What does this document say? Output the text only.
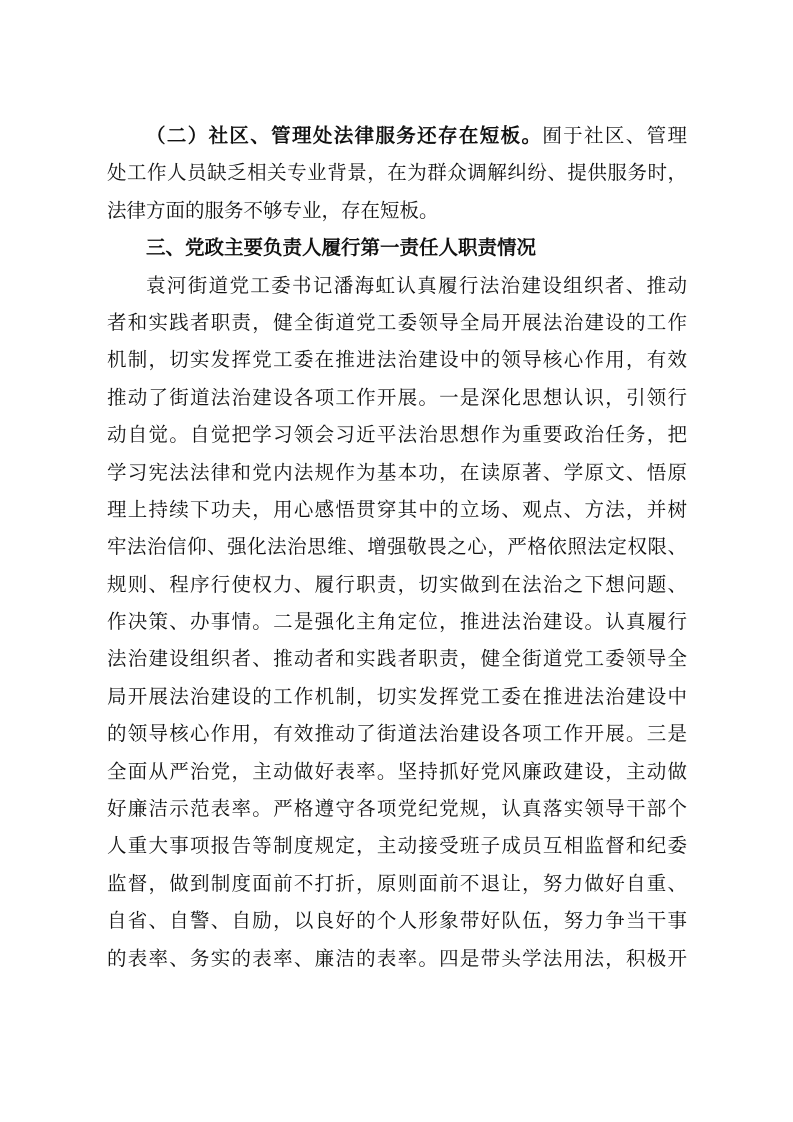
（二）社区、管理处法律服务还存在短板。囿于社区、管理
处工作人员缺乏相关专业背景，在为群众调解纠纷、提供服务时，
法律方面的服务不够专业，存在短板。
三、党政主要负责人履行第一责任人职责情况
袁河街道党工委书记潘海虹认真履行法治建设组织者、推动
者和实践者职责，健全街道党工委领导全局开展法治建设的工作
机制，切实发挥党工委在推进法治建设中的领导核心作用，有效
推动了街道法治建设各项工作开展。一是深化思想认识，引领行
动自觉。自觉把学习领会习近平法治思想作为重要政治任务，把
学习宪法法律和党内法规作为基本功，在读原著、学原文、悟原
理上持续下功夫，用心感悟贯穿其中的立场、观点、方法，并树
牢法治信仰、强化法治思维、增强敬畏之心，严格依照法定权限、
规则、程序行使权力、履行职责，切实做到在法治之下想问题、
作决策、办事情。二是强化主角定位，推进法治建设。认真履行
法治建设组织者、推动者和实践者职责，健全街道党工委领导全
局开展法治建设的工作机制，切实发挥党工委在推进法治建设中
的领导核心作用，有效推动了街道法治建设各项工作开展。三是
全面从严治党，主动做好表率。坚持抓好党风廉政建设，主动做
好廉洁示范表率。严格遵守各项党纪党规，认真落实领导干部个
人重大事项报告等制度规定，主动接受班子成员互相监督和纪委
监督，做到制度面前不打折，原则面前不退让，努力做好自重、
自省、自警、自励，以良好的个人形象带好队伍，努力争当干事
的表率、务实的表率、廉洁的表率。四是带头学法用法，积极开
